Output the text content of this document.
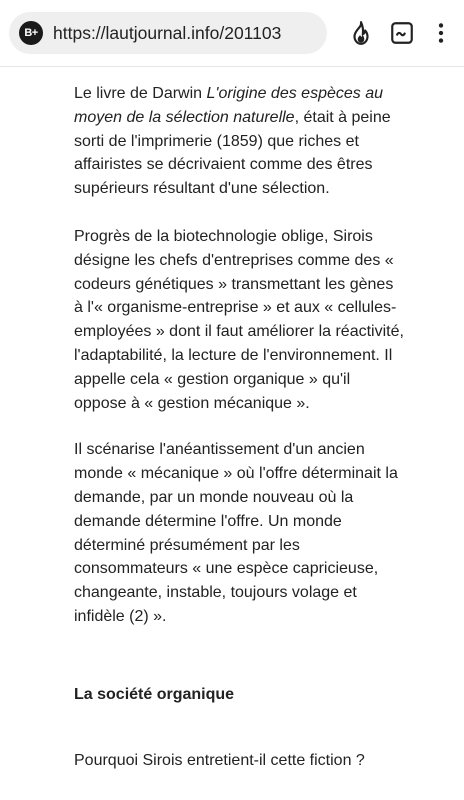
B+ https://lautjournal.info/201103

Le livre de Darwin L'origine des espèces au moyen de la sélection naturelle, était à peine sorti de l'imprimerie (1859) que riches et affairistes se décrivaient comme des êtres supérieurs résultant d'une sélection.

Progrès de la biotechnologie oblige, Sirois désigne les chefs d'entreprises comme des « codeurs génétiques » transmettant les gènes à l'« organisme-entreprise » et aux « cellules-employées » dont il faut améliorer la réactivité, l'adaptabilité, la lecture de l'environnement. Il appelle cela « gestion organique » qu'il oppose à « gestion mécanique ».

Il scénarise l'anéantissement d'un ancien monde « mécanique » où l'offre déterminait la demande, par un monde nouveau où la demande détermine l'offre. Un monde déterminé présumément par les consommateurs « une espèce capricieuse, changeante, instable, toujours volage et infidèle (2) ».

La société organique

Pourquoi Sirois entretient-il cette fiction ?
